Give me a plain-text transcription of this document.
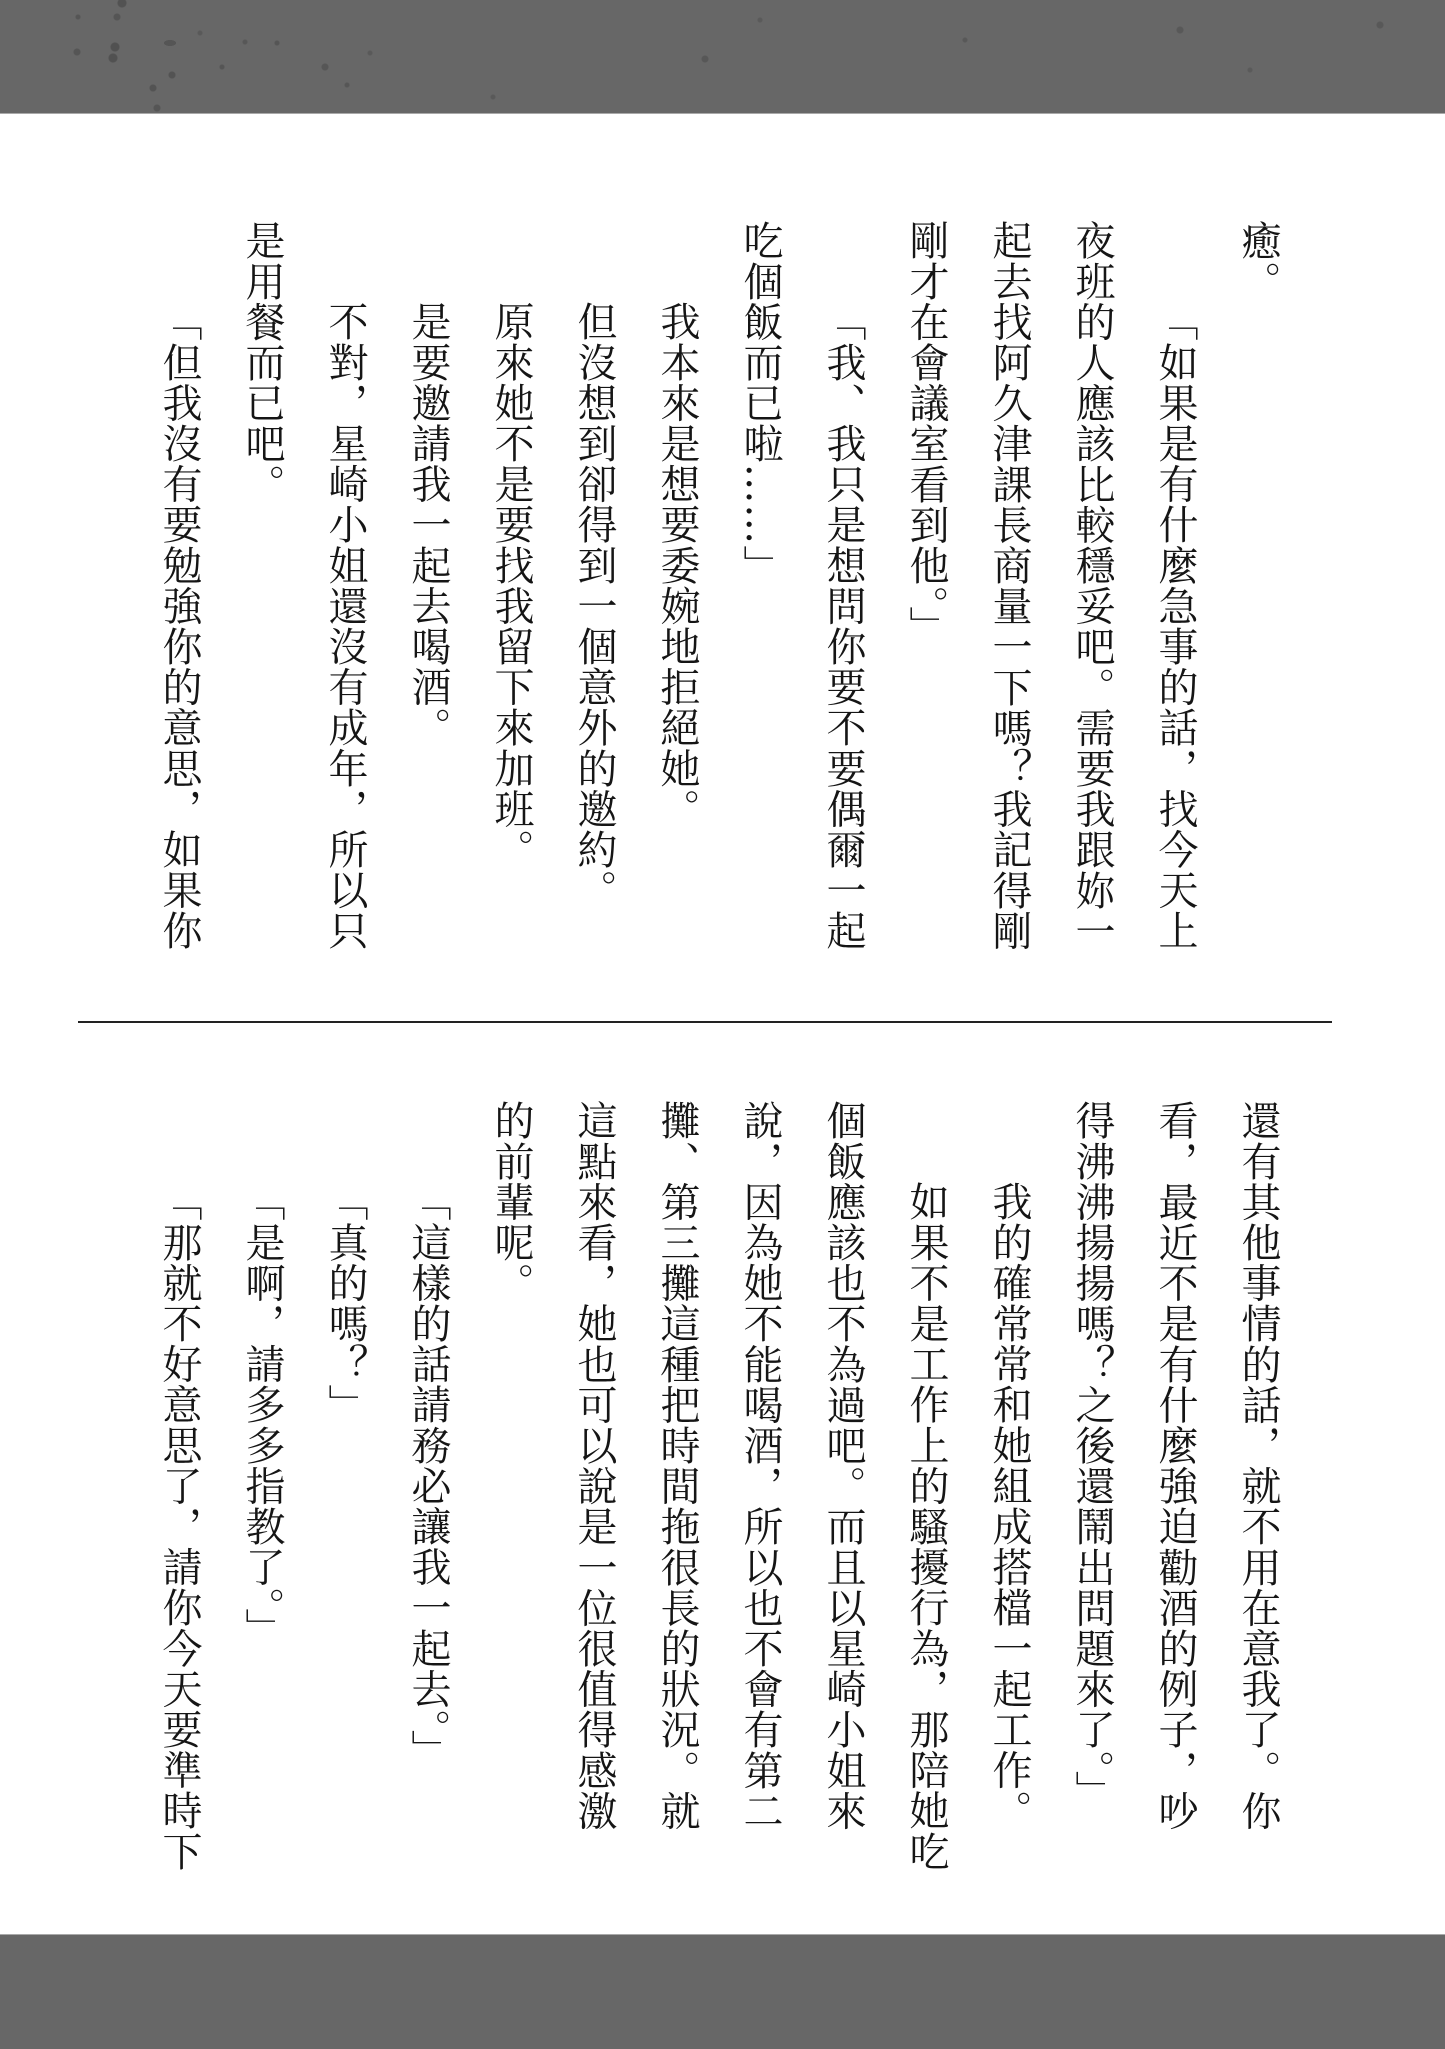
癒。
「如果是有什麼急事的話，找今天上
夜班的人應該比較穩妥吧。需要我跟妳一
起去找阿久津課長商量一下嗎？我記得剛
剛才在會議室看到他。」
「我、我只是想問你要不要偶爾一起
吃個飯而已啦……」
我本來是想要委婉地拒絕她。
但沒想到卻得到一個意外的邀約。
原來她不是要找我留下來加班。
是要邀請我一起去喝酒。
不對，星崎小姐還沒有成年，所以只
是用餐而已吧。
「但我沒有要勉強你的意思，如果你
還有其他事情的話，就不用在意我了。你
看，最近不是有什麼強迫勸酒的例子，吵
得沸沸揚揚嗎？之後還鬧出問題來了。」
我的確常常和她組成搭檔一起工作。
如果不是工作上的騷擾行為，那陪她吃
個飯應該也不為過吧。而且以星崎小姐來
說，因為她不能喝酒，所以也不會有第二
攤、第三攤這種把時間拖很長的狀況。就
這點來看，她也可以說是一位很值得感激
的前輩呢。
「這樣的話請務必讓我一起去。」
「真的嗎？」
「是啊，請多多指教了。」
「那就不好意思了，請你今天要準時下
